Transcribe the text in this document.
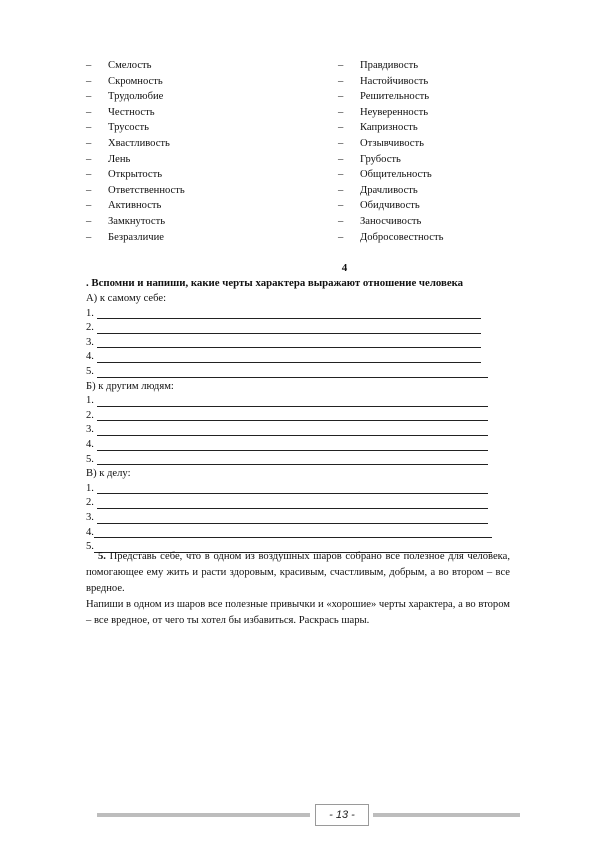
– Смелость
– Скромность
– Трудолюбие
– Честность
– Трусость
– Хвастливость
– Лень
– Открытость
– Ответственность
– Активность
– Замкнутость
– Безразличие
– Правдивость
– Настойчивость
– Решительность
– Неуверенность
– Капризность
– Отзывчивость
– Грубость
– Общительность
– Драчливость
– Обидчивость
– Заносчивость
– Добросовестность
4
. Вспомни и напиши, какие черты характера выражают отношение человека
А) к самому себе:
1.
2.
3.
4.
5.
Б) к другим людям:
1.
2.
3.
4.
5.
В) к делу:
1.
2.
3.
4.
5.
5. Представь себе, что в одном из воздушных шаров собрано все полезное для человека, помогающее ему жить и расти здоровым, красивым, счастливым, добрым, а во втором – все вредное.
Напиши в одном из шаров все полезные привычки и «хорошие» черты характера, а во втором – все вредное, от чего ты хотел бы избавиться. Раскрась шары.
- 13 -
